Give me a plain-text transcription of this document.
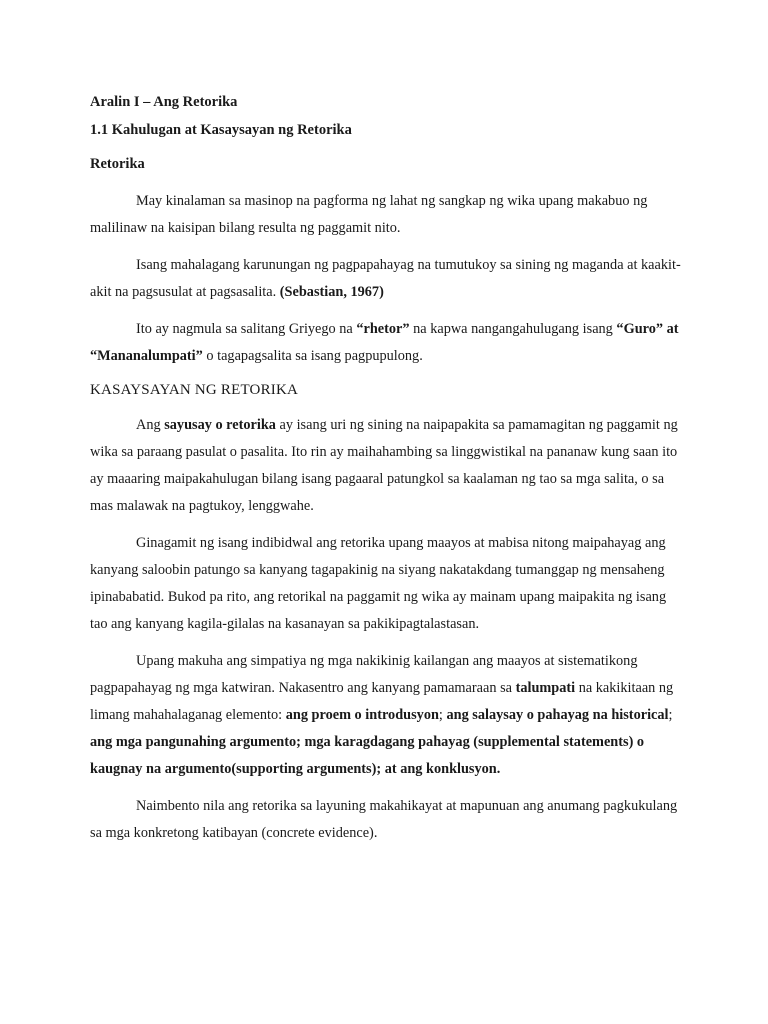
Aralin I – Ang Retorika
1.1 Kahulugan at Kasaysayan ng Retorika
Retorika

May kinalaman sa masinop na pagforma ng lahat ng sangkap ng wika upang makabuo ng malilinaw na kaisipan bilang resulta ng paggamit nito.

Isang mahalagang karunungan ng pagpapahayag na tumutukoy sa sining ng maganda at kaakit-akit na pagsusulat at pagsasalita. (Sebastian, 1967)

Ito ay nagmula sa salitang Griyego na “rhetor” na kapwa nangangahulugang isang “Guro” at “Mananalumpati” o tagapagsalita sa isang pagpupulong.

KASAYSAYAN NG RETORIKA

Ang sayusay o retorika ay isang uri ng sining na naipapakita sa pamamagitan ng paggamit ng wika sa paraang pasulat o pasalita. Ito rin ay maihahambing sa linggwistikal na pananaw kung saan ito ay maaaring maipakahulugan bilang isang pagaaral patungkol sa kaalaman ng tao sa mga salita, o sa mas malawak na pagtukoy, lenggwahe.

Ginagamit ng isang indibidwal ang retorika upang maayos at mabisa nitong maipahayag ang kanyang saloobin patungo sa kanyang tagapakinig na siyang nakatakdang tumanggap ng mensaheng ipinababatid. Bukod pa rito, ang retorikal na paggamit ng wika ay mainam upang maipakita ng isang tao ang kanyang kagila-gilalas na kasanayan sa pakikipagtalastasan.

Upang makuha ang simpatiya ng mga nakikinig kailangan ang maayos at sistematikong pagpapahayag ng mga katwiran. Nakasentro ang kanyang pamamaraan sa talumpati na kakikitaan ng limang mahahalaganag elemento: ang proem o introdusyon; ang salaysay o pahayag na historical; ang mga pangunahing argumento; mga karagdagang pahayag (supplemental statements) o kaugnay na argumento(supporting arguments); at ang konklusyon.

Naimbento nila ang retorika sa layuning makahikayat at mapunuan ang anumang pagkukulang sa mga konkretong katibayan (concrete evidence).
